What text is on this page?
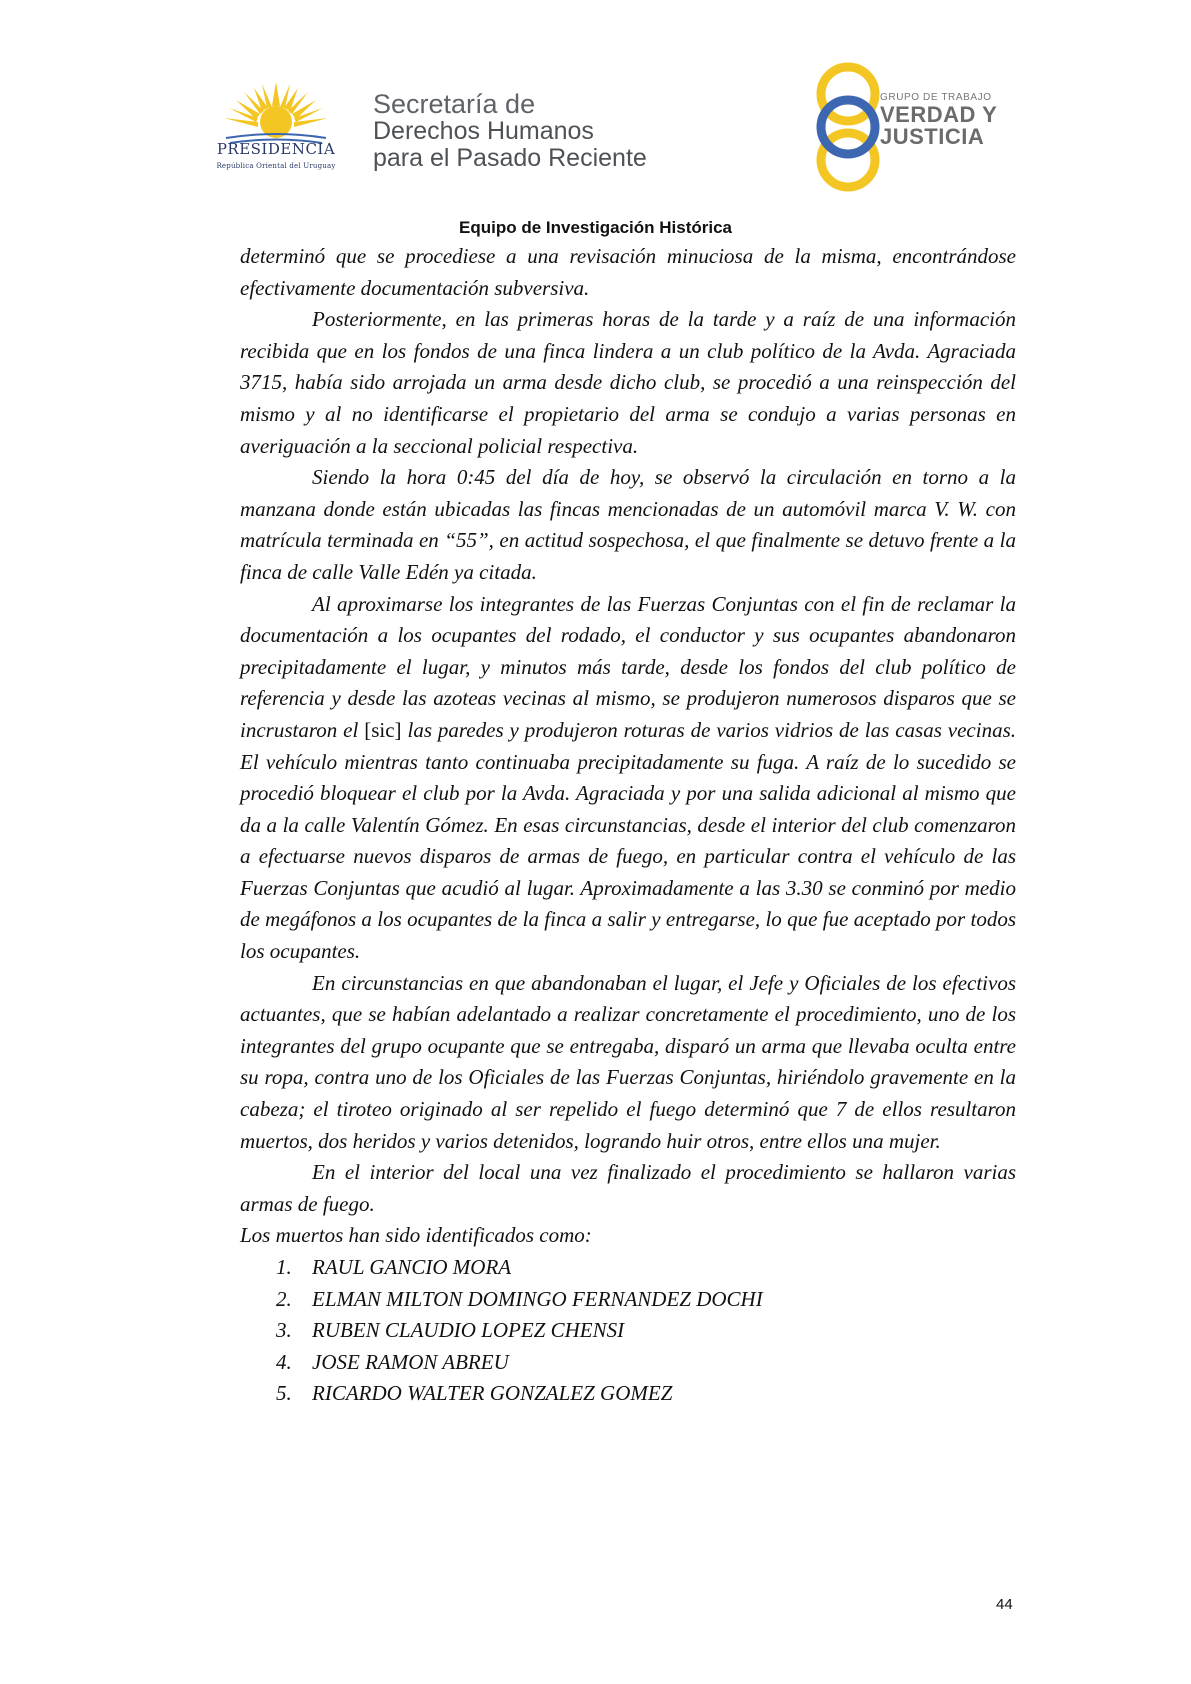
PRESIDENCIA
República Oriental del Uruguay
Secretaría de
Derechos Humanos
para el Pasado Reciente
GRUPO DE TRABAJO
VERDAD Y
JUSTICIA
Equipo de Investigación Histórica

determinó que se procediese a una revisación minuciosa de la misma, encontrándose efectivamente documentación subversiva.

Posteriormente, en las primeras horas de la tarde y a raíz de una información recibida que en los fondos de una finca lindera a un club político de la Avda. Agraciada 3715, había sido arrojada un arma desde dicho club, se procedió a una reinspección del mismo y al no identificarse el propietario del arma se condujo a varias personas en averiguación a la seccional policial respectiva.

Siendo la hora 0:45 del día de hoy, se observó la circulación en torno a la manzana donde están ubicadas las fincas mencionadas de un automóvil marca V. W. con matrícula terminada en “55”, en actitud sospechosa, el que finalmente se detuvo frente a la finca de calle Valle Edén ya citada.

Al aproximarse los integrantes de las Fuerzas Conjuntas con el fin de reclamar la documentación a los ocupantes del rodado, el conductor y sus ocupantes abandonaron precipitadamente el lugar, y minutos más tarde, desde los fondos del club político de referencia y desde las azoteas vecinas al mismo, se produjeron numerosos disparos que se incrustaron el [sic] las paredes y produjeron roturas de varios vidrios de las casas vecinas. El vehículo mientras tanto continuaba precipitadamente su fuga. A raíz de lo sucedido se procedió bloquear el club por la Avda. Agraciada y por una salida adicional al mismo que da a la calle Valentín Gómez. En esas circunstancias, desde el interior del club comenzaron a efectuarse nuevos disparos de armas de fuego, en particular contra el vehículo de las Fuerzas Conjuntas que acudió al lugar. Aproximadamente a las 3.30 se conminó por medio de megáfonos a los ocupantes de la finca a salir y entregarse, lo que fue aceptado por todos los ocupantes.

En circunstancias en que abandonaban el lugar, el Jefe y Oficiales de los efectivos actuantes, que se habían adelantado a realizar concretamente el procedimiento, uno de los integrantes del grupo ocupante que se entregaba, disparó un arma que llevaba oculta entre su ropa, contra uno de los Oficiales de las Fuerzas Conjuntas, hiriéndolo gravemente en la cabeza; el tiroteo originado al ser repelido el fuego determinó que 7 de ellos resultaron muertos, dos heridos y varios detenidos, logrando huir otros, entre ellos una mujer.

En el interior del local una vez finalizado el procedimiento se hallaron varias armas de fuego.

Los muertos han sido identificados como:

1. RAUL GANCIO MORA
2. ELMAN MILTON DOMINGO FERNANDEZ DOCHI
3. RUBEN CLAUDIO LOPEZ CHENSI
4. JOSE RAMON ABREU
5. RICARDO WALTER GONZALEZ GOMEZ
44
